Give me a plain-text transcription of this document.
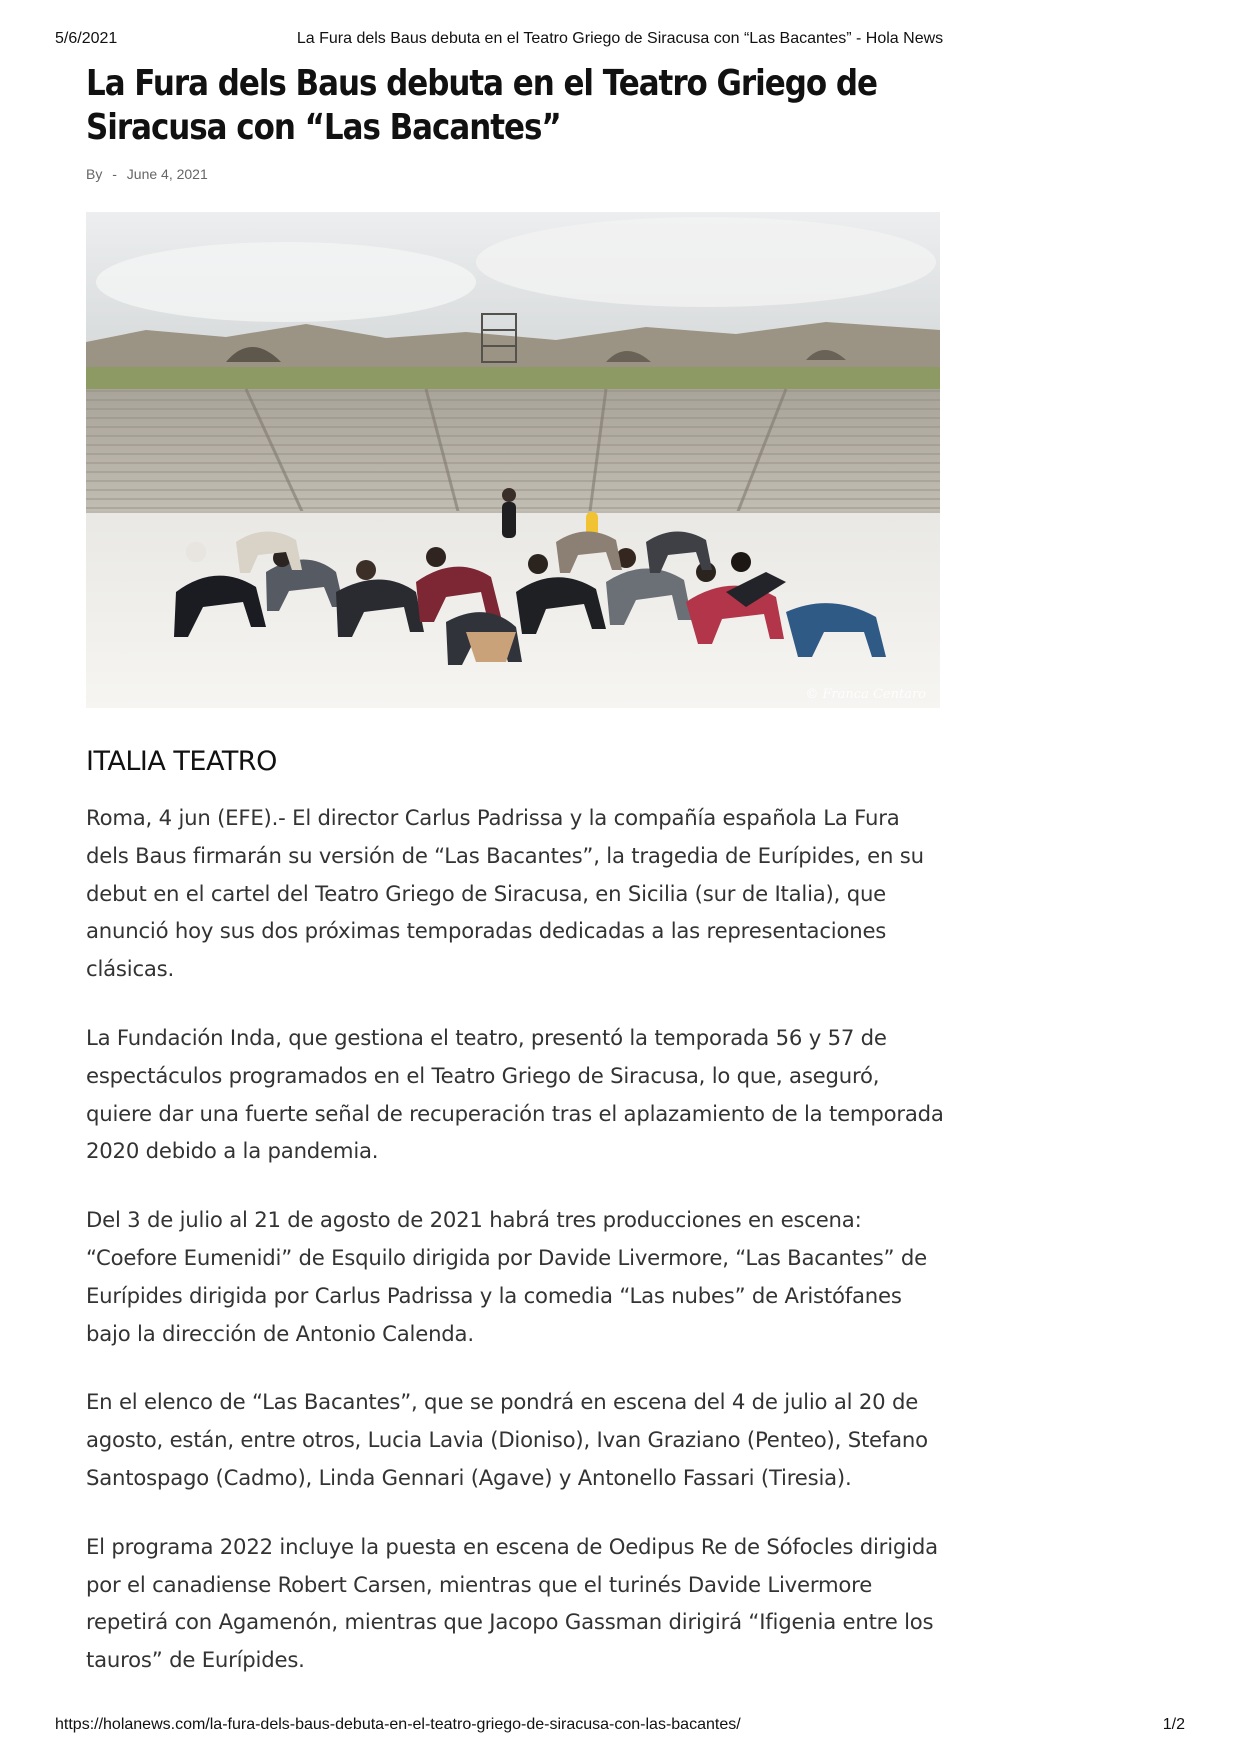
5/6/2021	La Fura dels Baus debuta en el Teatro Griego de Siracusa con “Las Bacantes” - Hola News
La Fura dels Baus debuta en el Teatro Griego de Siracusa con “Las Bacantes”
By - June 4, 2021
© Franca Centaro
ITALIA TEATRO

Roma, 4 jun (EFE).- El director Carlus Padrissa y la compañía española La Fura dels Baus firmarán su versión de “Las Bacantes”, la tragedia de Eurípides, en su debut en el cartel del Teatro Griego de Siracusa, en Sicilia (sur de Italia), que anunció hoy sus dos próximas temporadas dedicadas a las representaciones clásicas.

La Fundación Inda, que gestiona el teatro, presentó la temporada 56 y 57 de espectáculos programados en el Teatro Griego de Siracusa, lo que, aseguró, quiere dar una fuerte señal de recuperación tras el aplazamiento de la temporada 2020 debido a la pandemia.

Del 3 de julio al 21 de agosto de 2021 habrá tres producciones en escena: “Coefore Eumenidi” de Esquilo dirigida por Davide Livermore, “Las Bacantes” de Eurípides dirigida por Carlus Padrissa y la comedia “Las nubes” de Aristófanes bajo la dirección de Antonio Calenda.

En el elenco de “Las Bacantes”, que se pondrá en escena del 4 de julio al 20 de agosto, están, entre otros, Lucia Lavia (Dioniso), Ivan Graziano (Penteo), Stefano Santospago (Cadmo), Linda Gennari (Agave) y Antonello Fassari (Tiresia).

El programa 2022 incluye la puesta en escena de Oedipus Re de Sófocles dirigida por el canadiense Robert Carsen, mientras que el turinés Davide Livermore repetirá con Agamenón, mientras que Jacopo Gassman dirigirá “Ifigenia entre los tauros” de Eurípides.

https://holanews.com/la-fura-dels-baus-debuta-en-el-teatro-griego-de-siracusa-con-las-bacantes/	1/2
